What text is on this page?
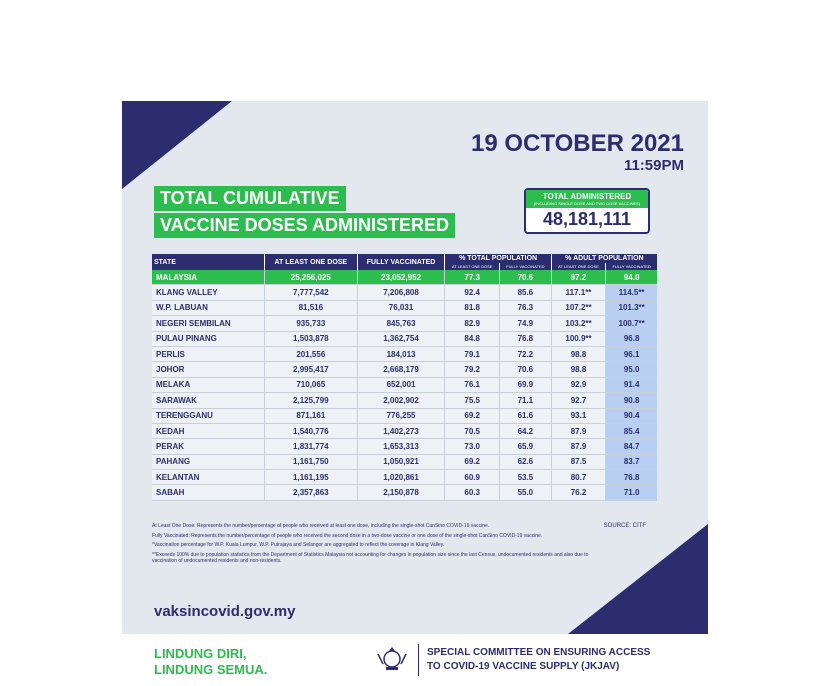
19 OCTOBER 2021
11:59PM
TOTAL CUMULATIVE
VACCINE DOSES ADMINISTERED
TOTAL ADMINISTERED
(INCLUDING SINGLE DOSE AND TWO DOSE VACCINES)
48,181,111
STATE	AT LEAST ONE DOSE	FULLY VACCINATED	% TOTAL POPULATION		% ADULT POPULATION	
			AT LEAST ONE DOSE	FULLY VACCINATED	AT LEAST ONE DOSE	FULLY VACCINATED
MALAYSIA	25,256,025	23,052,952	77.3	70.6	97.2	94.0
KLANG VALLEY	7,777,542	7,206,808	92.4	85.6	117.1**	114.5**
W.P. LABUAN	81,516	76,031	81.8	76.3	107.2**	101.3**
NEGERI SEMBILAN	935,733	845,763	82.9	74.9	103.2**	100.7**
PULAU PINANG	1,503,878	1,362,754	84.8	76.8	100.9**	96.8
PERLIS	201,556	184,013	79.1	72.2	98.8	96.1
JOHOR	2,995,417	2,668,179	79.2	70.6	98.8	95.0
MELAKA	710,065	652,001	76.1	69.9	92.9	91.4
SARAWAK	2,125,799	2,002,902	75.5	71.1	92.7	90.8
TERENGGANU	871,161	776,255	69.2	61.6	93.1	90.4
KEDAH	1,540,776	1,402,273	70.5	64.2	87.9	85.4
PERAK	1,831,774	1,653,313	73.0	65.9	87.9	84.7
PAHANG	1,161,750	1,050,921	69.2	62.6	87.5	83.7
KELANTAN	1,161,195	1,020,861	60.9	53.5	80.7	76.8
SABAH	2,357,863	2,150,878	60.3	55.0	76.2	71.0

At Least One Dose: Represents the number/percentage of people who received at least one dose, including the single-shot CanSino COVID-19 vaccine.

Fully Vaccinated: Represents the number/percentage of people who received the second dose in a two-dose vaccine or one dose of the single-shot CanSino COVID-19 vaccine.

*Vaccination percentage for W.P. Kuala Lumpur, W.P. Putrajaya and Selangor are aggregated to reflect the coverage in Klang Valley.

**Exceeds 100% due to population statistics from the Department of Statistics Malaysia not accounting for changes in population size since the last Census, undocumented residents and also due to vaccination of undocumented residents and non-residents.

SOURCE: CITF
vaksincovid.gov.my
LINDUNG DIRI,
LINDUNG SEMUA.
SPECIAL COMMITTEE ON ENSURING ACCESS
TO COVID-19 VACCINE SUPPLY (JKJAV)
